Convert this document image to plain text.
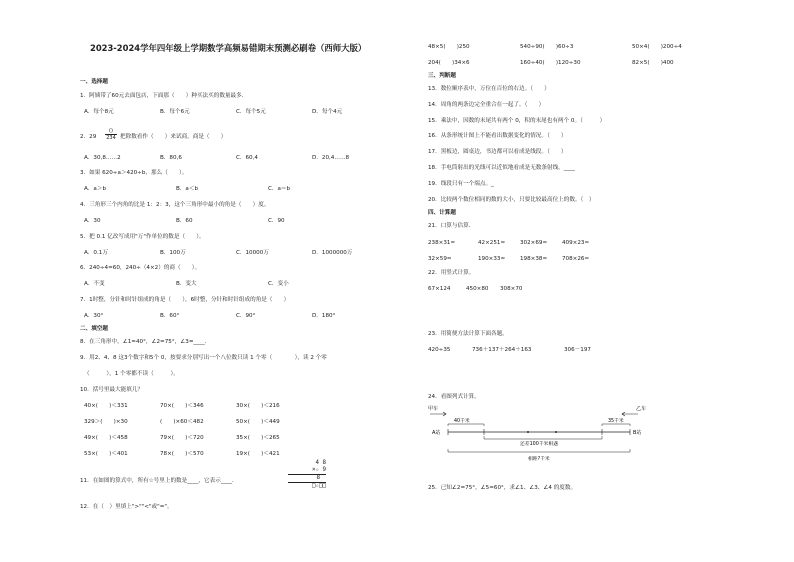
2023-2024学年四年级上学期数学高频易错期末预测必刷卷（西师大版）
一、选择题
1．阿姨带了60元去面包店，下面那（　　）种买法买的数量最多．
A．每个8元	B．每个6元	C．每个5元	D．每个4元
2．29
()
234 把除数看作（　　）来试商，商是（　　）
A．30,8……2	B．80,6	C．60,4	D．20,4……8
3．如果 620÷a＞420÷b，那么（　　）。
A．a＞b	B．a＜b	C．a＝b
4．三角形三个内角的比是 1：2：3，这个三角形中最小的角是（　　）度。
A．30	B．60	C．90
5．把 0.1 亿改写成用"万"作单位的数是（　　）。
A．0.1万	B．100万	C．10000万	D．1000000万
6．240÷4=60，240÷（4×2）的商（　　）。
A．不变	B．变大	C．变小
7．1时整，分针和时针组成的角是（　　），6时整，分针和时针组成的角是（　　）
A．30°	B．60°	C．90°	D．180°
二、填空题
8．在三角形中，∠1=40°，∠2=75°，∠3=____．
9．用2、4、8 这3个数字和5个 0，按要求分别写出一个八位数只读 1 个零（　　　　），读 2 个零
（　　　），1 个零都不读（　　　）。
10．括号里最大能填几？
40×(　　)＜331	70×(　　)＜346	30×(　　)＜216
329＞(　　)×30	(　　)×60＜482	50×(　　)＜449
49×(　　)＜458	79×(　　)＜720	35×(　　)＜265
53×(　　)＜401	78×(　　)＜570	19×(　　)＜421
11．在如图的算式中，所有☆号里上的数是____，它表示____．
4 8
×☆ 9
8
□☆□□
12．在（　）里填上">""<"或"="。
48×5(　　)250	540÷90(　　)60÷3	50×4(　　)200÷4
204(　　)34×6	160÷40(　　)120÷30	82×5(　　)400
三、判断题
13．数位顺序表中，万位在百位的右边。（　　）
14．周角的两条边完全重合在一起了。（　　）
15．乘法中，因数的末尾共有两个 0，积的末尾也有两个 0。（　　　）
16．从条形统计图上不能看出数据变化的情况。（　　）
17．黑板边，圆桌边，书边都可以看成是线段。（　　）
18．手电筒射出的光线可以近似地看成是无数条射线。____
19．线段只有一个端点。_
20．比较两个数位相同的数的大小，只要比较最高位上的数。（　）
四、计算题
21．口算与估算.
238×31≈	42×251≈	302×69≈	409×23≈
32×59≈	190×33≈	198×38≈	708×26≈
22．用竖式计算。
67×124	450×80 308×70
23．用简便方法计算下面各题。
420÷35	736＋137＋264＋163	306－197
24．看图列式计算。
甲车	乙车
40千米	35千米
A站	B站
还差100千米相遇
相距?千米
25．已知∠2=75°，∠5=60°，求∠1、∠3、∠4 的度数。
